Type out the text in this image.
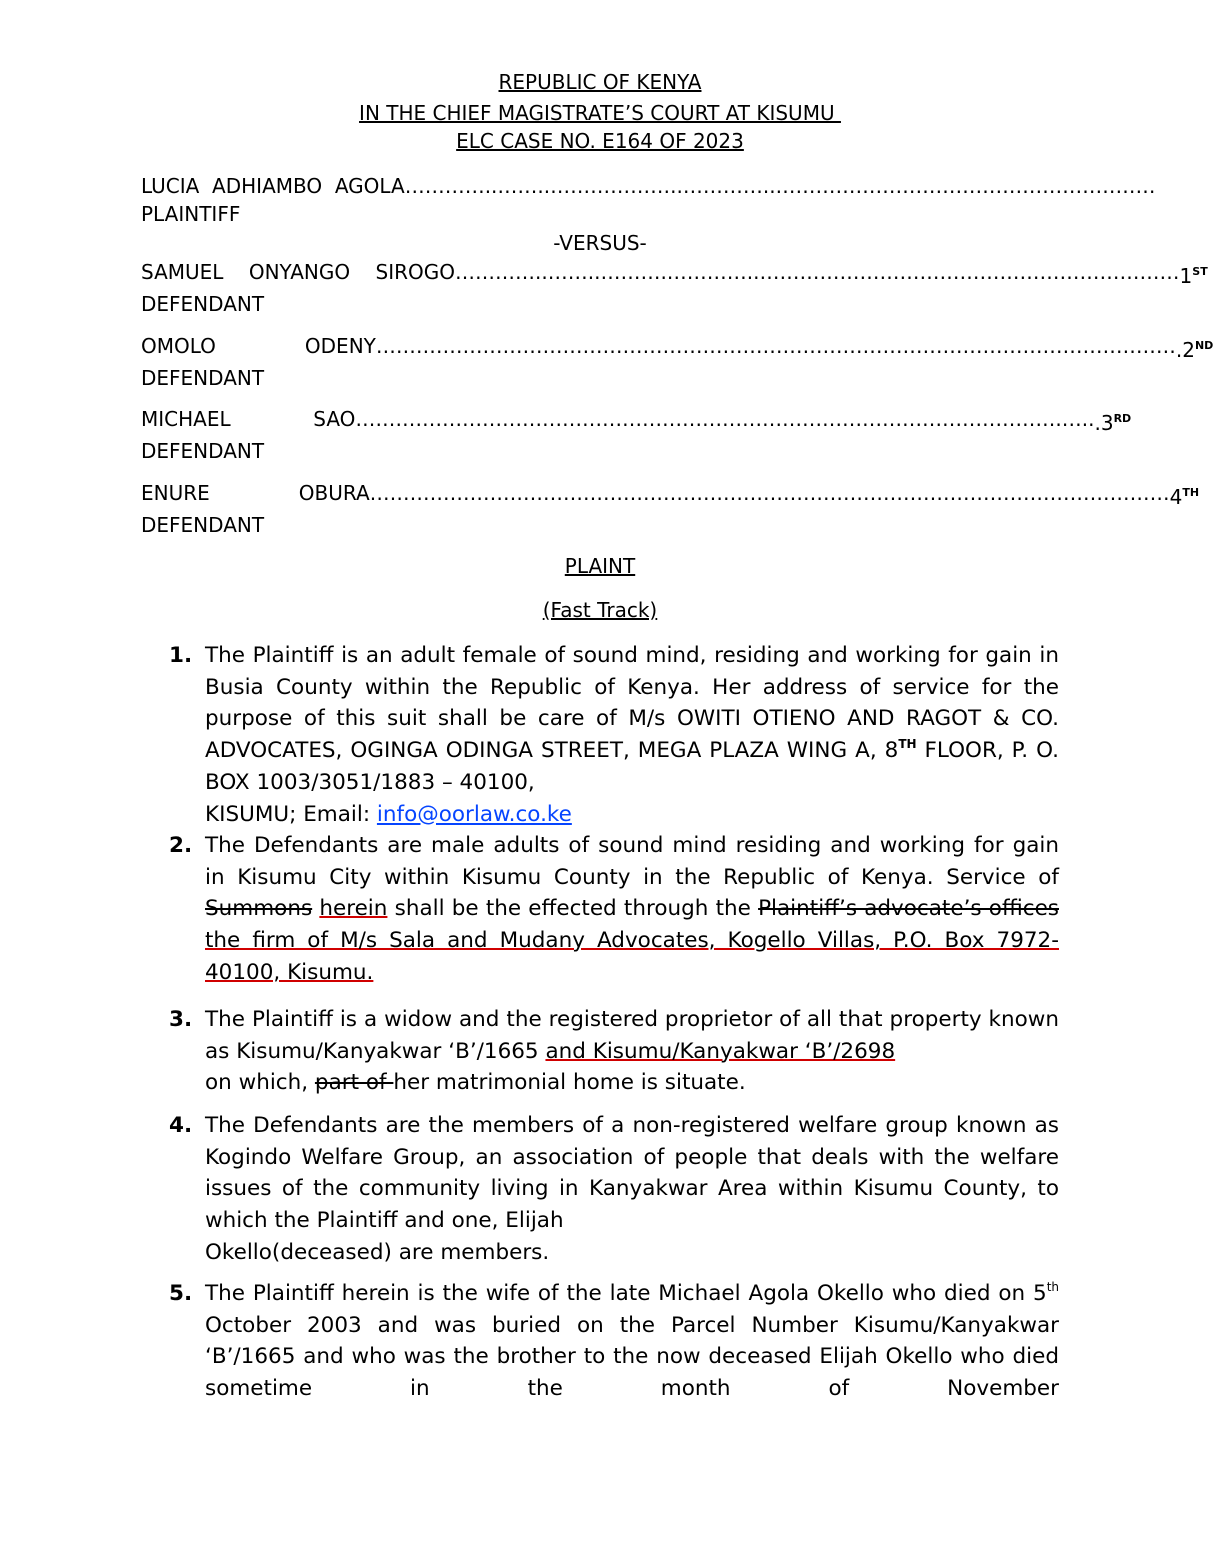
REPUBLIC OF KENYA
IN THE CHIEF MAGISTRATE’S COURT AT KISUMU
ELC CASE NO. E164 OF 2023
LUCIA  ADHIAMBO  AGOLA …………..……..………………..…………..…………………………………………………
PLAINTIFF
-VERSUS-
SAMUEL    ONYANGO    SIROGO …………..……..……….…………..……………………………………………………… 1ST
DEFENDANT
OMOLO              ODENY ………………………………………………………………………………………………………… .2ND
DEFENDANT
MICHAEL             SAO …………………………………………………………………………………………….….. .3RD
DEFENDANT
ENURE              OBURA ………………………………………………………………………………………………………… 4TH
DEFENDANT
PLAINT
(Fast Track)
1. The Plaintiff is an adult female of sound mind, residing and working for gain in Busia County within the Republic of Kenya. Her address of service for the purpose of this suit shall be care of M/s OWITI OTIENO AND RAGOT & CO. ADVOCATES, OGINGA ODINGA STREET, MEGA PLAZA WING A, 8TH FLOOR, P. O. BOX 1003/3051/1883 – 40100,
KISUMU; Email: info@oorlaw.co.ke
2. The Defendants are male adults of sound mind residing and working for gain in Kisumu City within Kisumu County in the Republic of Kenya. Service of Summons herein shall be the effected through the Plaintiff’s advocate’s offices the firm of M/s Sala and Mudany Advocates, Kogello Villas, P.O. Box 7972-40100, Kisumu.
3. The Plaintiff is a widow and the registered proprietor of all that property known as Kisumu/Kanyakwar ‘B’/1665 and Kisumu/Kanyakwar ‘B’/2698
on which, part of her matrimonial home is situate.
4. The Defendants are the members of a non-registered welfare group known as Kogindo Welfare Group, an association of people that deals with the welfare issues of the community living in Kanyakwar Area within Kisumu County, to which the Plaintiff and one, Elijah
Okello(deceased) are members.
5. The Plaintiff herein is the wife of the late Michael Agola Okello who died on 5th October 2003 and was buried on the Parcel Number Kisumu/Kanyakwar ‘B’/1665 and who was the brother to the now deceased Elijah Okello who died sometime in the month of November
